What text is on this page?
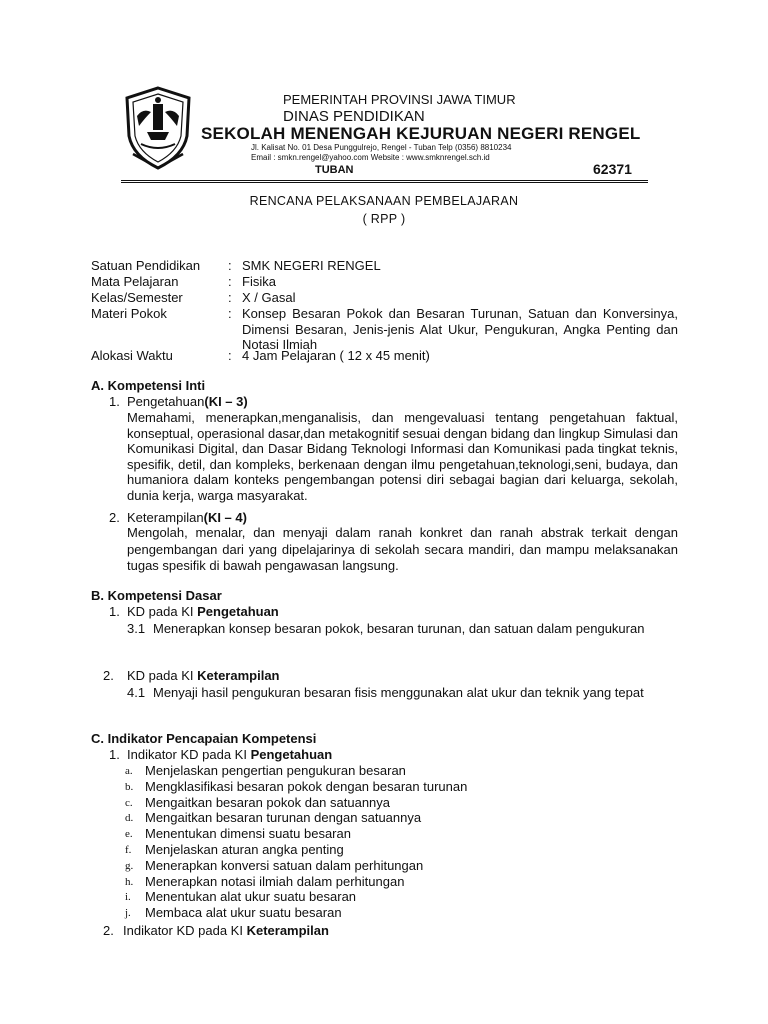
PEMERINTAH PROVINSI JAWA TIMUR
DINAS PENDIDIKAN
SEKOLAH MENENGAH KEJURUAN NEGERI RENGEL
Jl. Kalisat No. 01 Desa Punggulrejo, Rengel - Tuban Telp (0356) 8810234
Email : smkn.rengel@yahoo.com Website : www.smknrengel.sch.id
TUBAN	62371
RENCANA PELAKSANAAN PEMBELAJARAN
( RPP )
Satuan Pendidikan : SMK NEGERI RENGEL
Mata Pelajaran	: Fisika
Kelas/Semester	: X / Gasal
Materi Pokok	: Konsep Besaran Pokok dan Besaran Turunan, Satuan dan Konversinya, Dimensi Besaran, Jenis-jenis Alat Ukur, Pengukuran, Angka Penting dan Notasi Ilmiah
Alokasi Waktu	: 4 Jam Pelajaran ( 12 x 45 menit)
A. Kompetensi Inti
1. Pengetahuan(KI – 3)
Memahami, menerapkan,menganalisis, dan mengevaluasi tentang pengetahuan faktual, konseptual, operasional dasar,dan metakognitif sesuai dengan bidang dan lingkup Simulasi dan Komunikasi Digital, dan Dasar Bidang Teknologi Informasi dan Komunikasi pada tingkat teknis, spesifik, detil, dan kompleks, berkenaan dengan ilmu pengetahuan,teknologi,seni, budaya, dan humaniora dalam konteks pengembangan potensi diri sebagai bagian dari keluarga, sekolah, dunia kerja, warga masyarakat.
2. Keterampilan(KI – 4)
Mengolah, menalar, dan menyaji dalam ranah konkret dan ranah abstrak terkait dengan pengembangan dari yang dipelajarinya di sekolah secara mandiri, dan mampu melaksanakan tugas spesifik di bawah pengawasan langsung.
B. Kompetensi Dasar
1. KD pada KI Pengetahuan
3.1 Menerapkan konsep besaran pokok, besaran turunan, dan satuan dalam pengukuran
2. KD pada KI Keterampilan
4.1 Menyaji hasil pengukuran besaran fisis menggunakan alat ukur dan teknik yang tepat
C. Indikator Pencapaian Kompetensi
1. Indikator KD pada KI Pengetahuan
a. Menjelaskan pengertian pengukuran besaran
b. Mengklasifikasi besaran pokok dengan besaran turunan
c. Mengaitkan besaran pokok dan satuannya
d. Mengaitkan besaran turunan dengan satuannya
e. Menentukan dimensi suatu besaran
f. Menjelaskan aturan angka penting
g. Menerapkan konversi satuan dalam perhitungan
h. Menerapkan notasi ilmiah dalam perhitungan
i. Menentukan alat ukur suatu besaran
j. Membaca alat ukur suatu besaran
2. Indikator KD pada KI Keterampilan
